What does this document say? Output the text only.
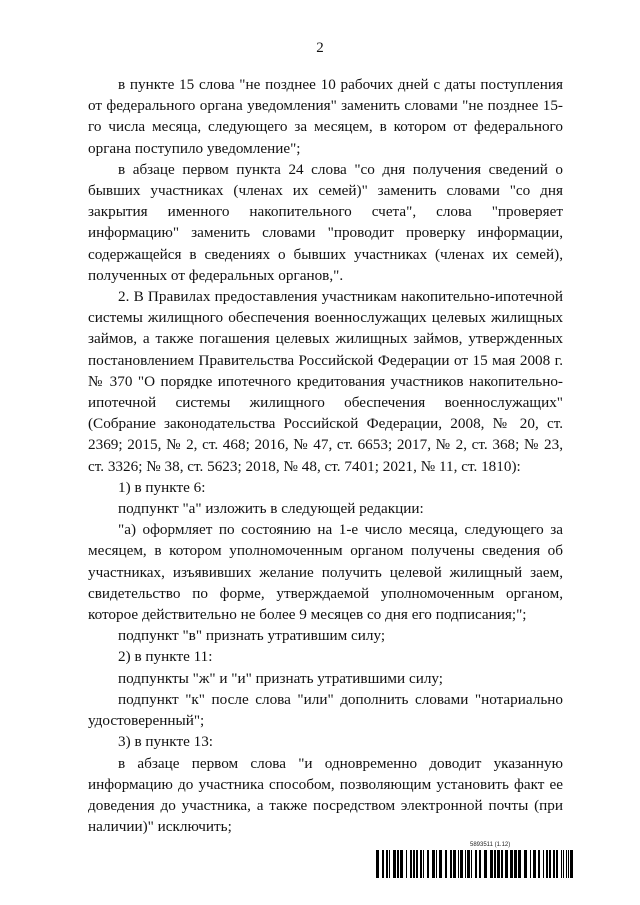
2

в пункте 15 слова "не позднее 10 рабочих дней с даты поступления от федерального органа уведомления" заменить словами "не позднее 15-го числа месяца, следующего за месяцем, в котором от федерального органа поступило уведомление";

в абзаце первом пункта 24 слова "со дня получения сведений о бывших участниках (членах их семей)" заменить словами "со дня закрытия именного накопительного счета", слова "проверяет информацию" заменить словами "проводит проверку информации, содержащейся в сведениях о бывших участниках (членах их семей), полученных от федеральных органов,".

2. В Правилах предоставления участникам накопительно-ипотечной системы жилищного обеспечения военнослужащих целевых жилищных займов, а также погашения целевых жилищных займов, утвержденных постановлением Правительства Российской Федерации от 15 мая 2008 г. № 370 "О порядке ипотечного кредитования участников накопительно-ипотечной системы жилищного обеспечения военнослужащих" (Собрание законодательства Российской Федерации, 2008, № 20, ст. 2369; 2015, № 2, ст. 468; 2016, № 47, ст. 6653; 2017, № 2, ст. 368; № 23, ст. 3326; № 38, ст. 5623; 2018, № 48, ст. 7401; 2021, № 11, ст. 1810):

1) в пункте 6:

подпункт "а" изложить в следующей редакции:

"а) оформляет по состоянию на 1-е число месяца, следующего за месяцем, в котором уполномоченным органом получены сведения об участниках, изъявивших желание получить целевой жилищный заем, свидетельство по форме, утверждаемой уполномоченным органом, которое действительно не более 9 месяцев со дня его подписания;";

подпункт "в" признать утратившим силу;

2) в пункте 11:

подпункты "ж" и "и" признать утратившими силу;

подпункт "к" после слова "или" дополнить словами "нотариально удостоверенный";

3) в пункте 13:

в абзаце первом слова "и одновременно доводит указанную информацию до участника способом, позволяющим установить факт ее доведения до участника, а также посредством электронной почты (при наличии)" исключить;

5893511 (1.12)
